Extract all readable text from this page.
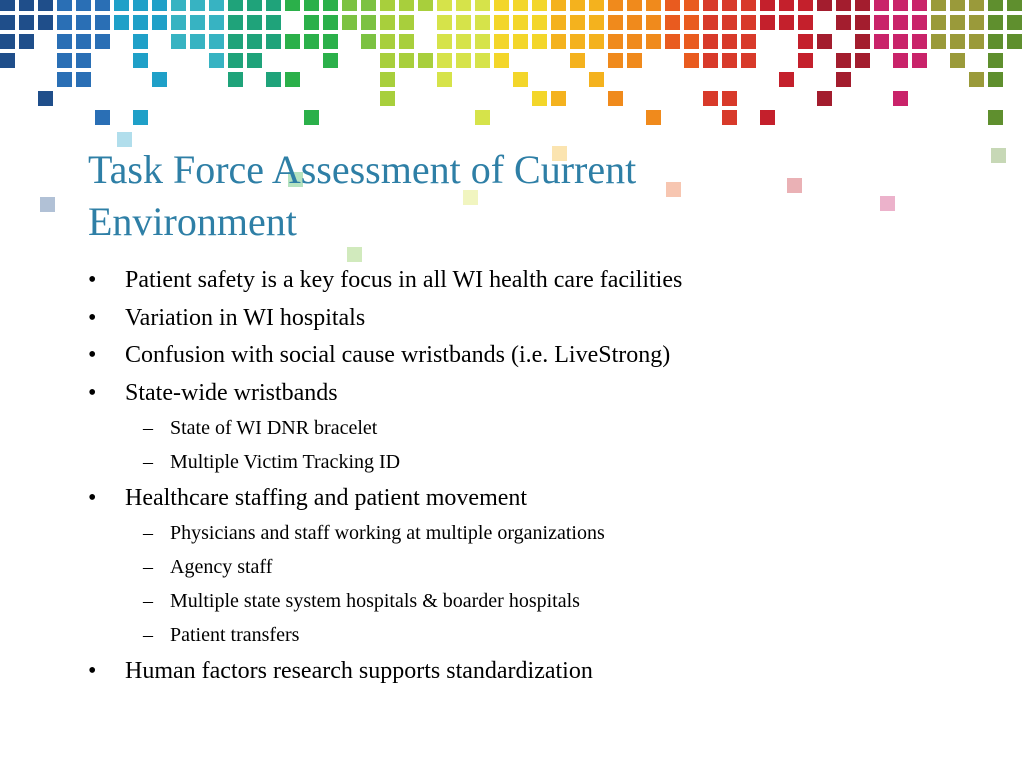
Task Force Assessment of Current Environment
• Patient safety is a key focus in all WI health care facilities
• Variation in WI hospitals
• Confusion with social cause wristbands (i.e. LiveStrong)
• State-wide wristbands
– State of WI DNR bracelet
– Multiple Victim Tracking ID
• Healthcare staffing and patient movement
– Physicians and staff working at multiple organizations
– Agency staff
– Multiple state system hospitals & boarder hospitals
– Patient transfers
• Human factors research supports standardization
